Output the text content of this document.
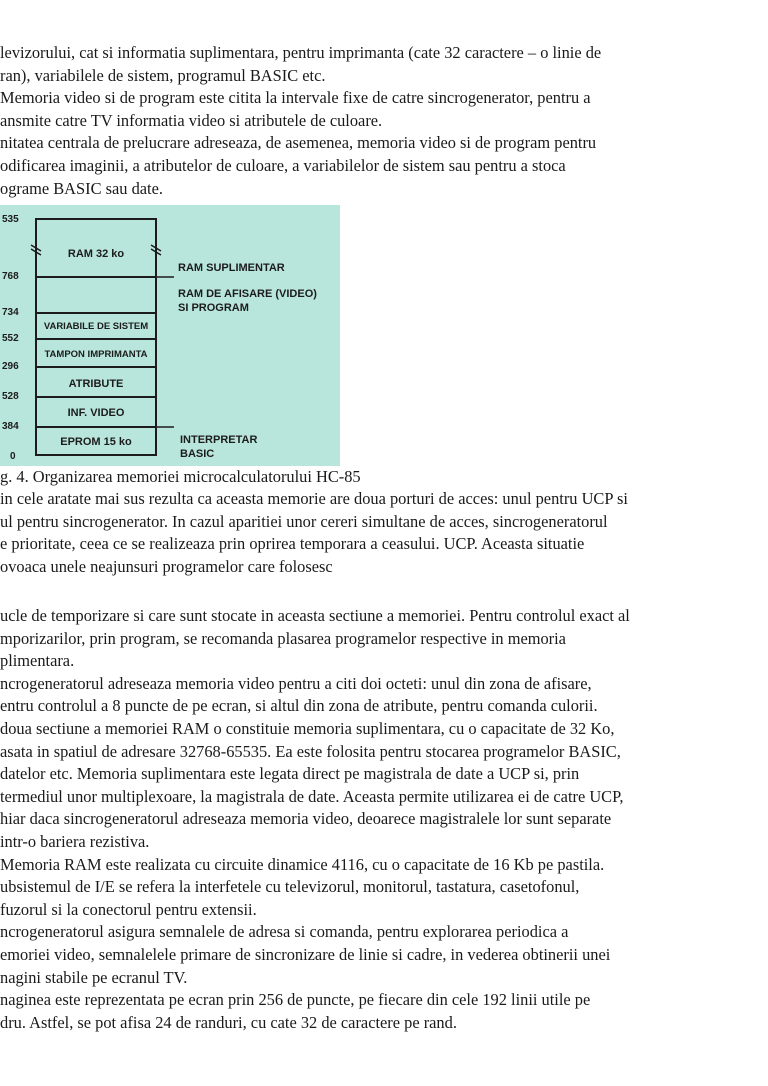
levizorului, cat si informatia suplimentara, pentru imprimanta (cate 32 caractere – o linie de
ran), variabilele de sistem, programul BASIC etc.
Memoria video si de program este citita la intervale fixe de catre sincrogenerator, pentru a
ansmite catre TV informatia video si atributele de culoare.
nitatea centrala de prelucrare adreseaza, de asemenea, memoria video si de program pentru
odificarea imaginii, a atributelor de culoare, a variabilelor de sistem sau pentru a stoca
ograme BASIC sau date.
535
768
734
552
296
528
384
0
RAM 32 ko
VARIABILE DE SISTEM
TAMPON IMPRIMANTA
ATRIBUTE
INF. VIDEO
EPROM 15 ko
RAM SUPLIMENTAR
RAM DE AFISARE (VIDEO)
SI PROGRAM
INTERPRETAR
BASIC
g. 4. Organizarea memoriei microcalculatorului HC-85
in cele aratate mai sus rezulta ca aceasta memorie are doua porturi de acces: unul pentru UCP si
ul pentru sincrogenerator. In cazul aparitiei unor cereri simultane de acces, sincrogeneratorul
e prioritate, ceea ce se realizeaza prin oprirea temporara a ceasului. UCP. Aceasta situatie
ovoaca unele neajunsuri programelor care folosesc
ucle de temporizare si care sunt stocate in aceasta sectiune a memoriei. Pentru controlul exact al
mporizarilor, prin program, se recomanda plasarea programelor respective in memoria
plimentara.
ncrogeneratorul adreseaza memoria video pentru a citi doi octeti: unul din zona de afisare,
entru controlul a 8 puncte de pe ecran, si altul din zona de atribute, pentru comanda culorii.
doua sectiune a memoriei RAM o constituie memoria suplimentara, cu o capacitate de 32 Ko,
asata in spatiul de adresare 32768-65535. Ea este folosita pentru stocarea programelor BASIC,
datelor etc. Memoria suplimentara este legata direct pe magistrala de date a UCP si, prin
termediul unor multiplexoare, la magistrala de date. Aceasta permite utilizarea ei de catre UCP,
hiar daca sincrogeneratorul adreseaza memoria video, deoarece magistralele lor sunt separate
intr-o bariera rezistiva.
Memoria RAM este realizata cu circuite dinamice 4116, cu o capacitate de 16 Kb pe pastila.
ubsistemul de I/E se refera la interfetele cu televizorul, monitorul, tastatura, casetofonul,
fuzorul si la conectorul pentru extensii.
ncrogeneratorul asigura semnalele de adresa si comanda, pentru explorarea periodica a
emoriei video, semnalelele primare de sincronizare de linie si cadre, in vederea obtinerii unei
nagini stabile pe ecranul TV.
naginea este reprezentata pe ecran prin 256 de puncte, pe fiecare din cele 192 linii utile pe
dru. Astfel, se pot afisa 24 de randuri, cu cate 32 de caractere pe rand.
